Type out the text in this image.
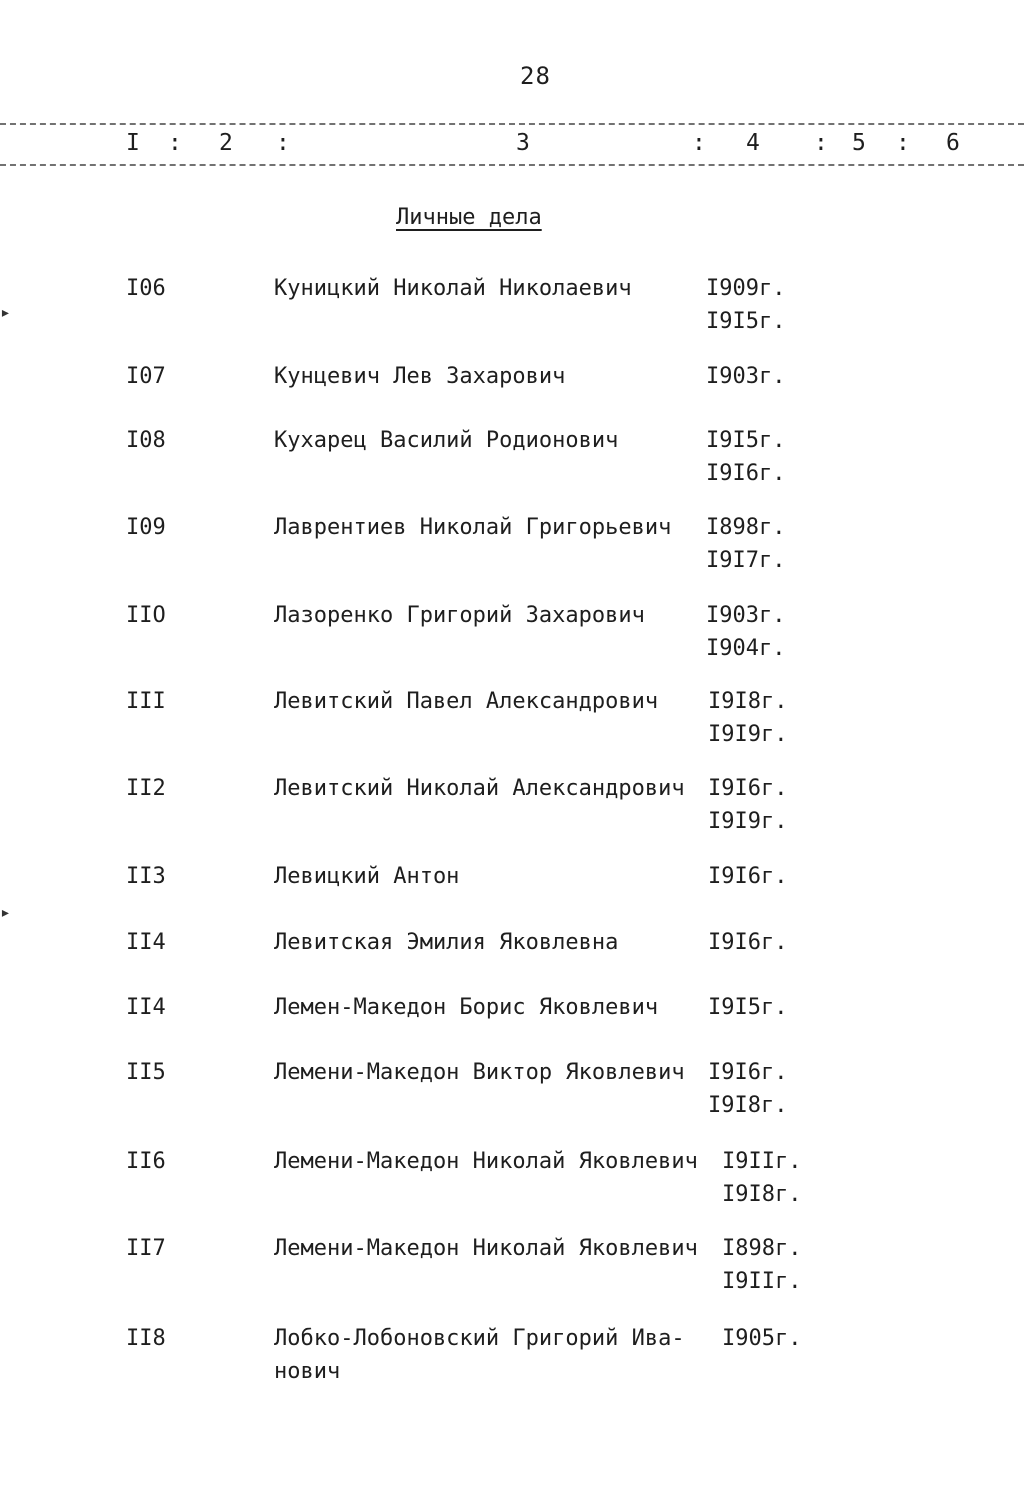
28
I : 2 :	3	: 4 : 5 : 6
Личные дела
▸
▸
I06	Куницкий Николай Николаевич	I909г.
I9I5г.
I07	Кунцевич Лев Захарович	I903г.
I08	Кухарец Василий Родионович	I9I5г.
I9I6г.
I09	Лаврентиев Николай Григорьевич	I898г.
I9I7г.
IIO	Лазоренко Григорий Захарович	I903г.
I904г.
III	Левитский Павел Александрович	I9I8г.
I9I9г.
II2	Левитский Николай Александрович	I9I6г.
I9I9г.
II3	Левицкий Антон	I9I6г.
II4	Левитская Эмилия Яковлевна	I9I6г.
II4	Лемен-Македон Борис Яковлевич	I9I5г.
II5	Лемени-Македон Виктор Яковлевич	I9I6г.
I9I8г.
II6	Лемени-Македон Николай Яковлевич I9IIг.
I9I8г.
II7	Лемени-Македон Николай Яковлевич I898г.
I9IIг.
II8	Лобко-Лобоновский Григорий Ива-
нович
I905г.
